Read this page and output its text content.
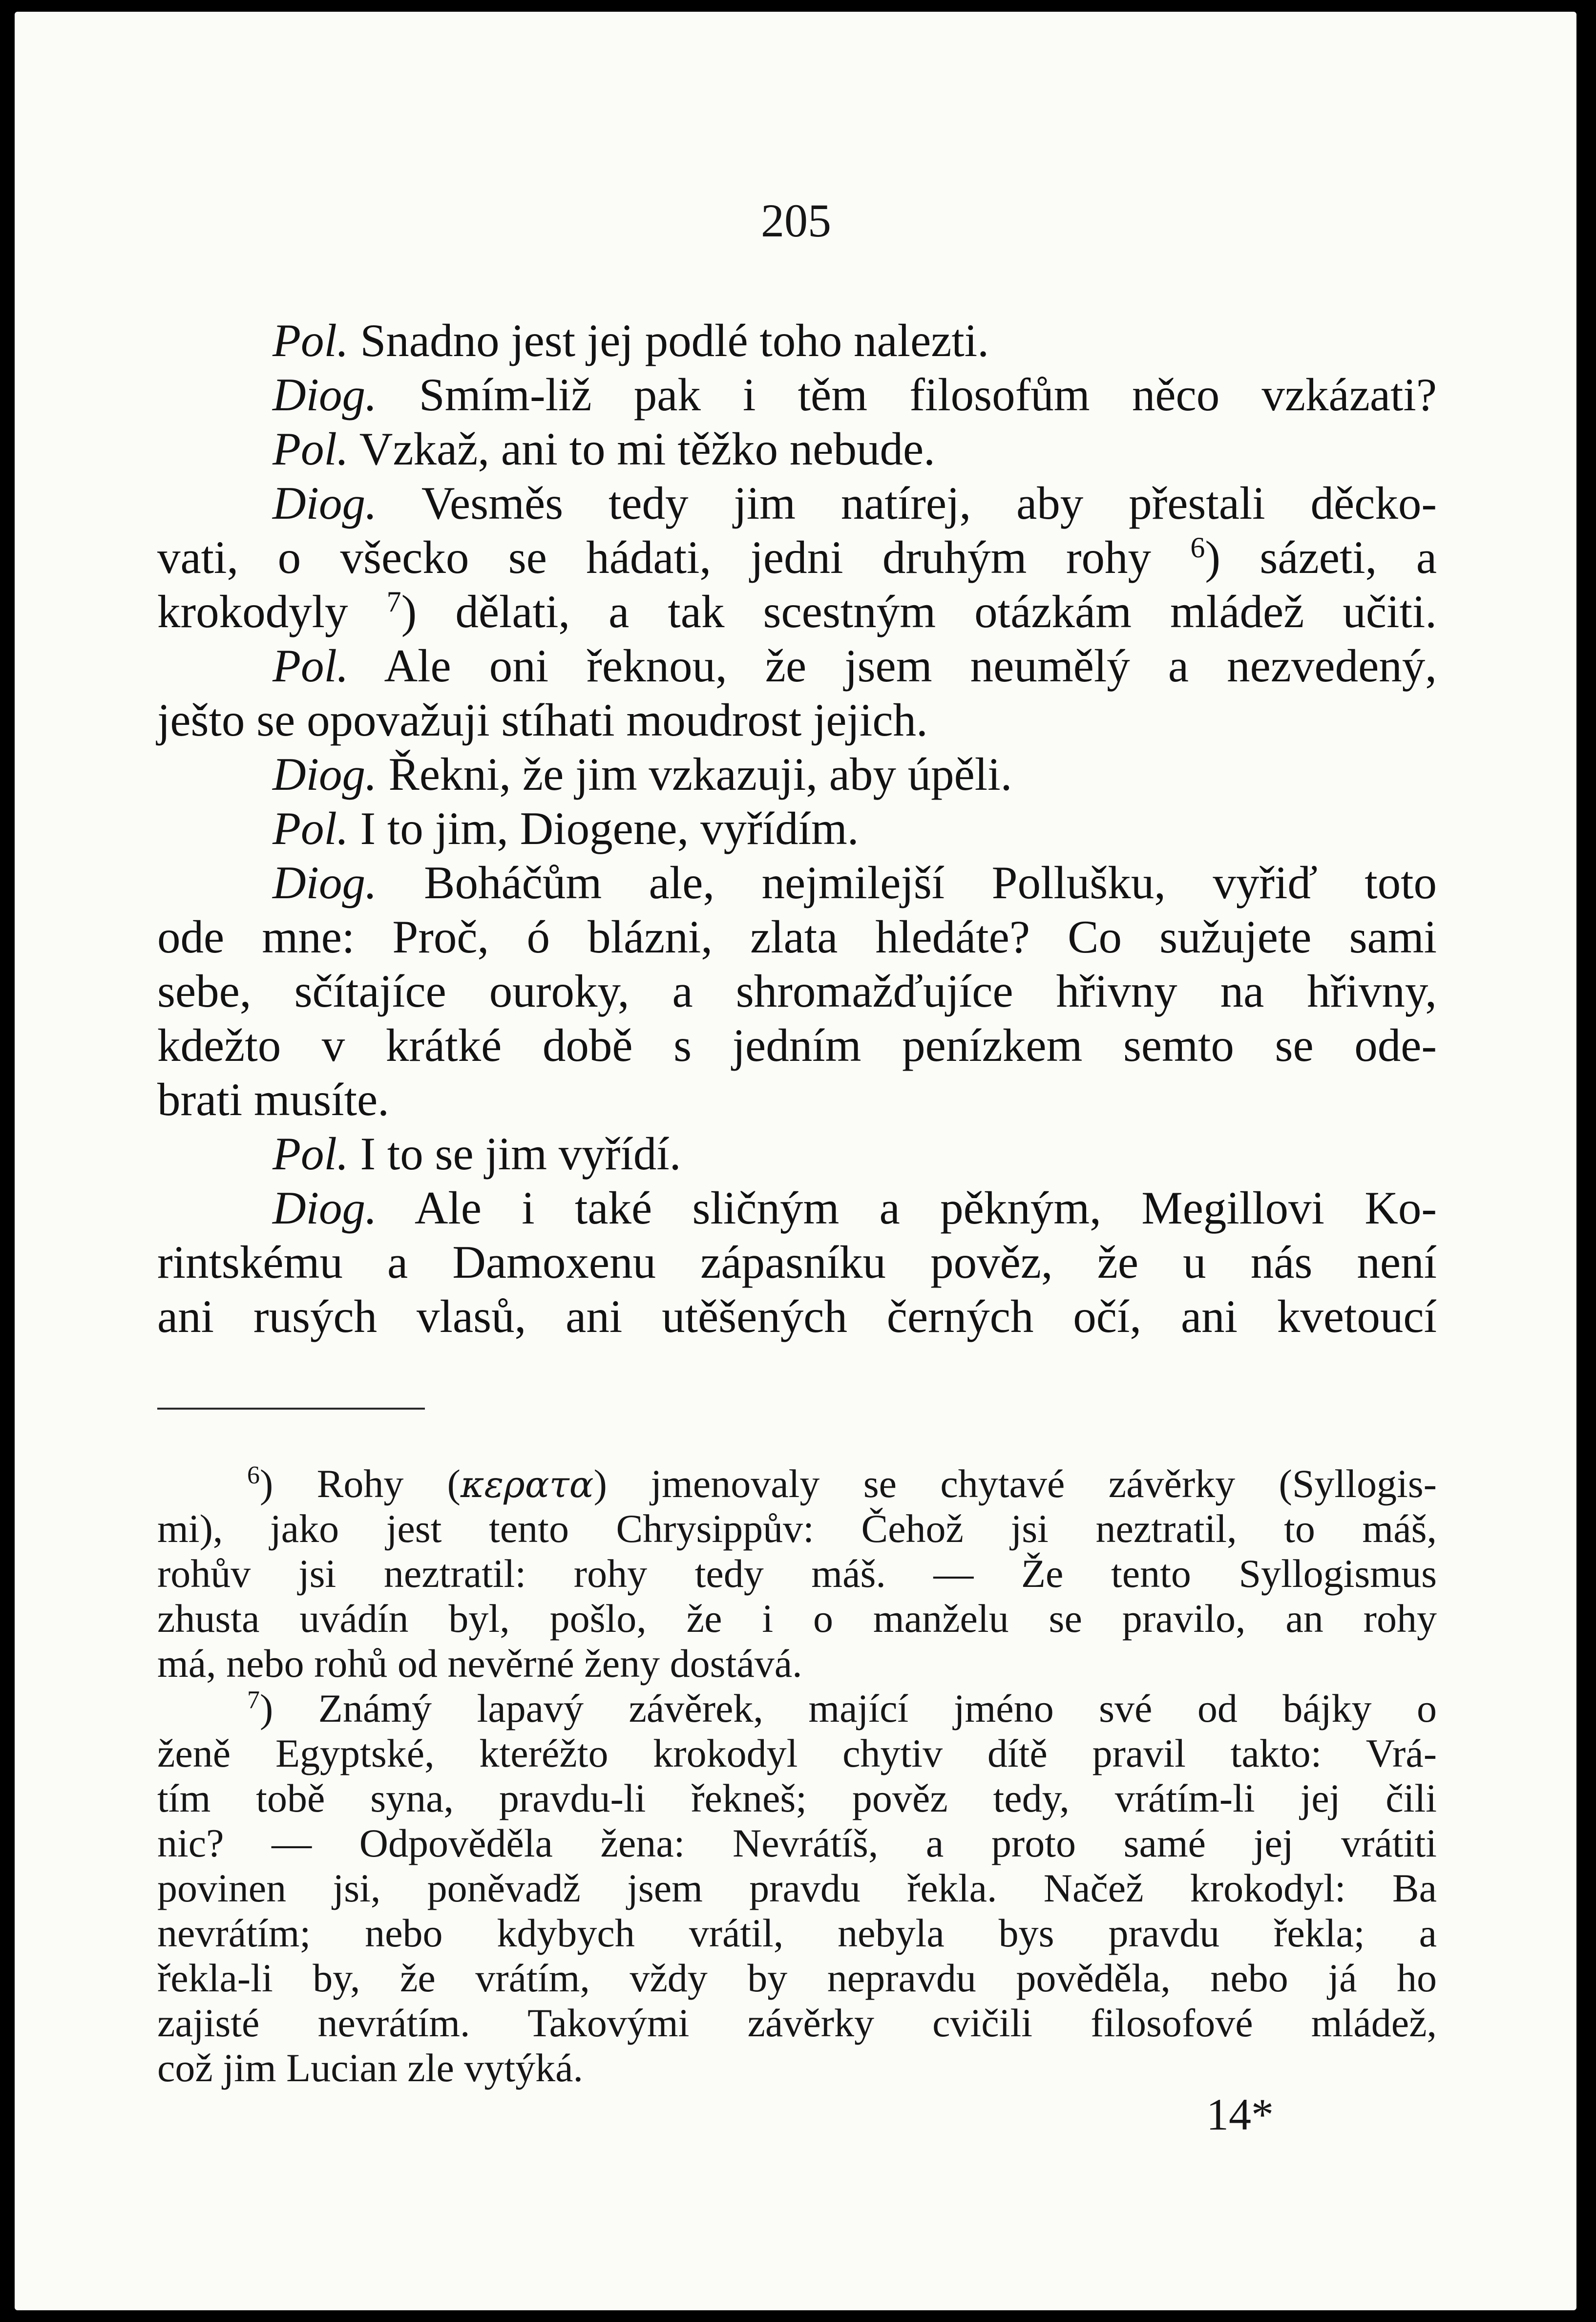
205

Pol. Snadno jest jej podlé toho nalezti.

Diog. Smím-liž pak i těm filosofům něco vzkázati?

Pol. Vzkaž, ani to mi těžko nebude.

Diog. Vesměs tedy jim natírej, aby přestali děcko-

vati, o všecko se hádati, jedni druhým rohy $^6$) sázeti, a

krokodyly $^7$) dělati, a tak scestným otázkám mládež učiti.

Pol. Ale oni řeknou, že jsem neumělý a nezvedený,

ještо se opovažuji stíhati moudrost jejich.

Diog. Řekni, že jim vzkazuji, aby úpěli.

Pol. I to jim, Diogene, vyřídím.

Diog. Boháčům ale, nejmilejší Pollušku, vyřiď toto

ode mne: Proč, ó blázni, zlata hledáte? Co sužujete sami

sebe, sčítajíce ouroky, a shromažďujíce hřivny na hřivny,

kdežto v krátké době s jedním penízkem semto se ode-

brati musíte.

Pol. I to se jim vyřídí.

Diog. Ale i také sličným a pěkným, Megillovi Ko-

rintskému a Damoxenu zápasníku pověz, že u nás není

ani rusých vlasů, ani utěšených černých očí, ani kvetoucí

$^6$) Rohy (κερατα) jmenovaly se chytavé závěrky (Syllogis-

mi), jako jest tento Chrysippův: Čehož jsi neztratil, to máš,

rohův jsi neztratil: rohy tedy máš. — Že tento Syllogismus

zhusta uvádín byl, pošlo, že i o manželu se pravilo, an rohy

má, nebo rohů od nevěrné ženy dostává.

$^7$) Známý lapavý závěrek, mající jméno své od bájky o

ženě Egyptské, kteréžto krokodyl chytiv dítě pravil takto: Vrá-

tím tobě syna, pravdu-li řekneš; pověz tedy, vrátím-li jej čili

nic? — Odpověděla žena: Nevrátíš, a proto samé jej vrátiti

povinen jsi, poněvadž jsem pravdu řekla. Načež krokodyl: Ba

nevrátím; nebo kdybych vrátil, nebyla bys pravdu řekla; a

řekla-li by, že vrátím, vždy by nepravdu pověděla, nebo já ho

zajisté nevrátím. Takovými závěrky cvičili filosofové mládež,

což jim Lucian zle vytýká.

14*
